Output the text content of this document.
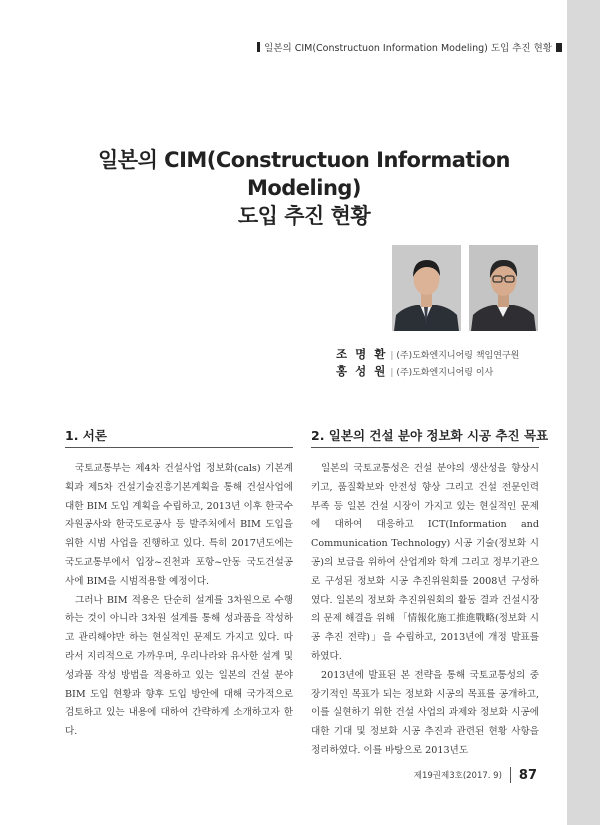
일본의 CIM(Constructuon Information Modeling) 도입 추진 현황
일본의 CIM(Constructuon Information Modeling)
도입 추진 현황
조 명 환 | (주)도화엔지니어링 책임연구원
홍 성 원 | (주)도화엔지니어링 이사
1. 서론	2. 일본의 건설 분야 정보화 시공 추진 목표

국토교통부는 제4차 건설사업 정보화(cals) 기본계획과 제5차 건설기술진흥기본계획을 통해 건설사업에 대한 BIM 도입 계획을 수립하고, 2013년 이후 한국수자원공사와 한국도로공사 등 발주처에서 BIM 도입을 위한 시범 사업을 진행하고 있다. 특히 2017년도에는 국도교통부에서 입장~진천과 포항~안동 국도건설공사에 BIM을 시범적용할 예정이다.

그러나 BIM 적용은 단순히 설계를 3차원으로 수행하는 것이 아니라 3차원 설계를 통해 성과품을 작성하고 관리해야만 하는 현실적인 문제도 가지고 있다. 따라서 지리적으로 가까우며, 우리나라와 유사한 설계 및 성과품 작성 방법을 적용하고 있는 일본의 건설 분야 BIM 도입 현황과 향후 도입 방안에 대해 국가적으로 검토하고 있는 내용에 대하여 간략하게 소개하고자 한다.

일본의 국토교통성은 건설 분야의 생산성을 향상시키고, 품질확보와 안전성 향상 그리고 건설 전문인력 부족 등 일본 건설 시장이 가지고 있는 현실적인 문제에 대하여 대응하고 ICT(Information and Communication Technology) 시공 기술(정보화 시공)의 보급을 위하여 산업계와 학계 그리고 정부기관으로 구성된 정보화 시공 추진위원회를 2008년 구성하였다. 일본의 정보화 추진위원회의 활동 결과 건설시장의 문제 해결을 위해 「情報化施工推進戰略(정보화 시공 추진 전략)」을 수립하고, 2013년에 개정 발표를 하였다.

2013년에 발표된 본 전략을 통해 국토교통성의 중장기적인 목표가 되는 정보화 시공의 목표를 공개하고, 이를 실현하기 위한 건설 사업의 과제와 정보화 시공에 대한 기대 및 정보화 시공 추진과 관련된 현황 사항을 정리하였다. 이를 바탕으로 2013년도

제19권제3호(2017. 9) 87
